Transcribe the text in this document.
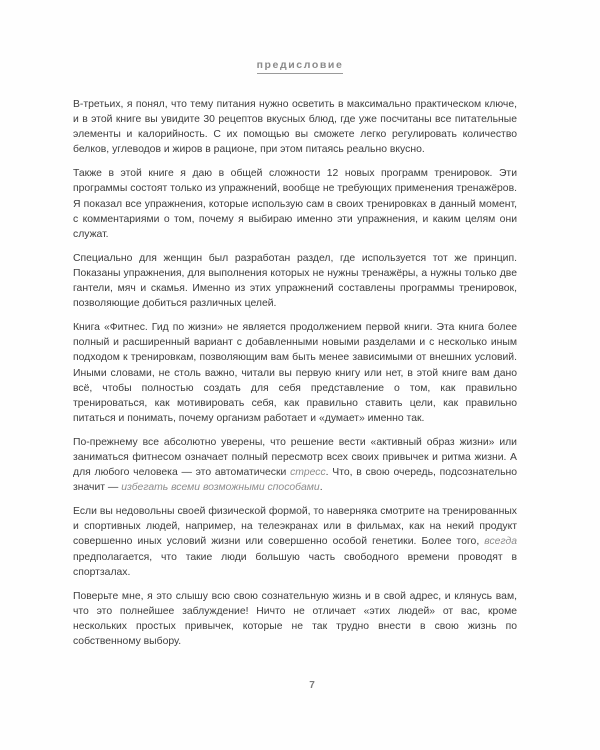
предисловие

В-третьих, я понял, что тему питания нужно осветить в максимально практическом ключе, и в этой книге вы увидите 30 рецептов вкусных блюд, где уже посчитаны все питательные элементы и калорийность. С их помощью вы сможете легко регулировать количество белков, углеводов и жиров в рационе, при этом питаясь реально вкусно.

Также в этой книге я даю в общей сложности 12 новых программ тренировок. Эти программы состоят только из упражнений, вообще не требующих применения тренажёров. Я показал все упражнения, которые использую сам в своих тренировках в данный момент, с комментариями о том, почему я выбираю именно эти упражнения, и каким целям они служат.

Специально для женщин был разработан раздел, где используется тот же принцип. Показаны упражнения, для выполнения которых не нужны тренажёры, а нужны только две гантели, мяч и скамья. Именно из этих упражнений составлены программы тренировок, позволяющие добиться различных целей.

Книга «Фитнес. Гид по жизни» не является продолжением первой книги. Эта книга более полный и расширенный вариант с добавленными новыми разделами и с несколько иным подходом к тренировкам, позволяющим вам быть менее зависимыми от внешних условий. Иными словами, не столь важно, читали вы первую книгу или нет, в этой книге вам дано всё, чтобы полностью создать для себя представление о том, как правильно тренироваться, как мотивировать себя, как правильно ставить цели, как правильно питаться и понимать, почему организм работает и «думает» именно так.

По-прежнему все абсолютно уверены, что решение вести «активный образ жизни» или заниматься фитнесом означает полный пересмотр всех своих привычек и ритма жизни. А для любого человека — это автоматически стресс. Что, в свою очередь, подсознательно значит — избегать всеми возможными способами.

Если вы недовольны своей физической формой, то наверняка смотрите на тренированных и спортивных людей, например, на телеэкранах или в фильмах, как на некий продукт совершенно иных условий жизни или совершенно особой генетики. Более того, всегда предполагается, что такие люди большую часть свободного времени проводят в спортзалах.

Поверьте мне, я это слышу всю свою сознательную жизнь и в свой адрес, и клянусь вам, что это полнейшее заблуждение! Ничто не отличает «этих людей» от вас, кроме нескольких простых привычек, которые не так трудно внести в свою жизнь по собственному выбору.

7
